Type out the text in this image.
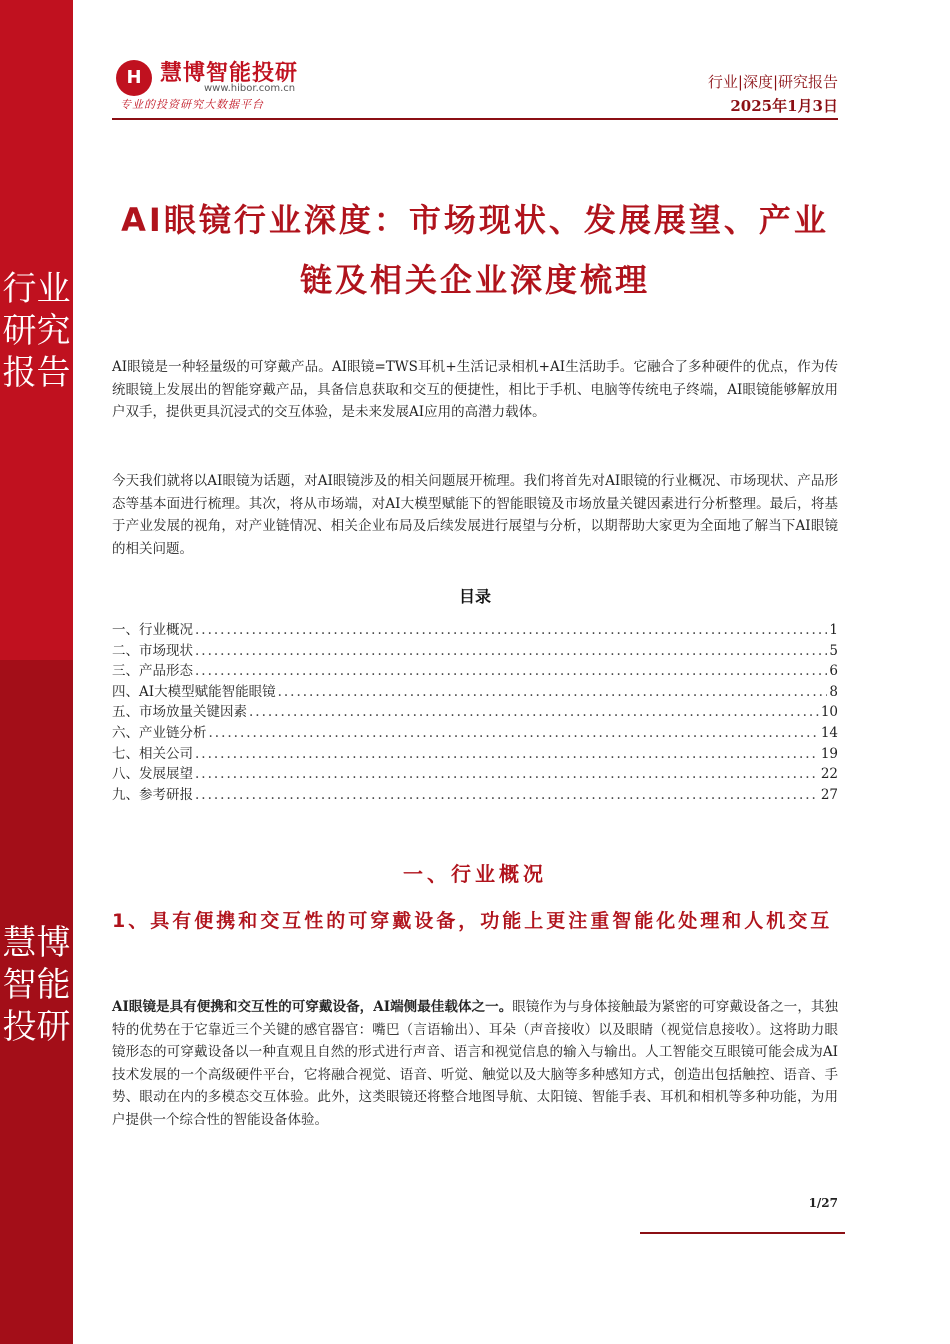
行业研究报告
慧博智能投研
H 慧博智能投研
www.hibor.com.cn
专业的投资研究大数据平台
行业|深度|研究报告
2025年1月3日
AI眼镜行业深度：市场现状、发展展望、产业链及相关企业深度梳理

AI眼镜是一种轻量级的可穿戴产品。AI眼镜=TWS耳机+生活记录相机+AI生活助手。它融合了多种硬件的优点，作为传统眼镜上发展出的智能穿戴产品，具备信息获取和交互的便捷性，相比于手机、电脑等传统电子终端，AI眼镜能够解放用户双手，提供更具沉浸式的交互体验，是未来发展AI应用的高潜力载体。

今天我们就将以AI眼镜为话题，对AI眼镜涉及的相关问题展开梳理。我们将首先对AI眼镜的行业概况、市场现状、产品形态等基本面进行梳理。其次，将从市场端，对AI大模型赋能下的智能眼镜及市场放量关键因素进行分析整理。最后，将基于产业发展的视角，对产业链情况、相关企业布局及后续发展进行展望与分析，以期帮助大家更为全面地了解当下AI眼镜的相关问题。

目录
一、行业概况 .....	1
二、市场现状 .....	5
三、产品形态 .....	6
四、AI大模型赋能智能眼镜 .....	8
五、市场放量关键因素 .....	10
六、产业链分析 .....	14
七、相关公司 .....	19
八、发展展望 .....	22
九、参考研报 .....	27
一、行业概况
1、具有便携和交互性的可穿戴设备，功能上更注重智能化处理和人机交互

AI眼镜是具有便携和交互性的可穿戴设备，AI端侧最佳载体之一。眼镜作为与身体接触最为紧密的可穿戴设备之一，其独特的优势在于它靠近三个关键的感官器官：嘴巴（言语输出）、耳朵（声音接收）以及眼睛（视觉信息接收）。这将助力眼镜形态的可穿戴设备以一种直观且自然的形式进行声音、语言和视觉信息的输入与输出。人工智能交互眼镜可能会成为AI技术发展的一个高级硬件平台，它将融合视觉、语音、听觉、触觉以及大脑等多种感知方式，创造出包括触控、语音、手势、眼动在内的多模态交互体验。此外，这类眼镜还将整合地图导航、太阳镜、智能手表、耳机和相机等多种功能，为用户提供一个综合性的智能设备体验。

1/27
